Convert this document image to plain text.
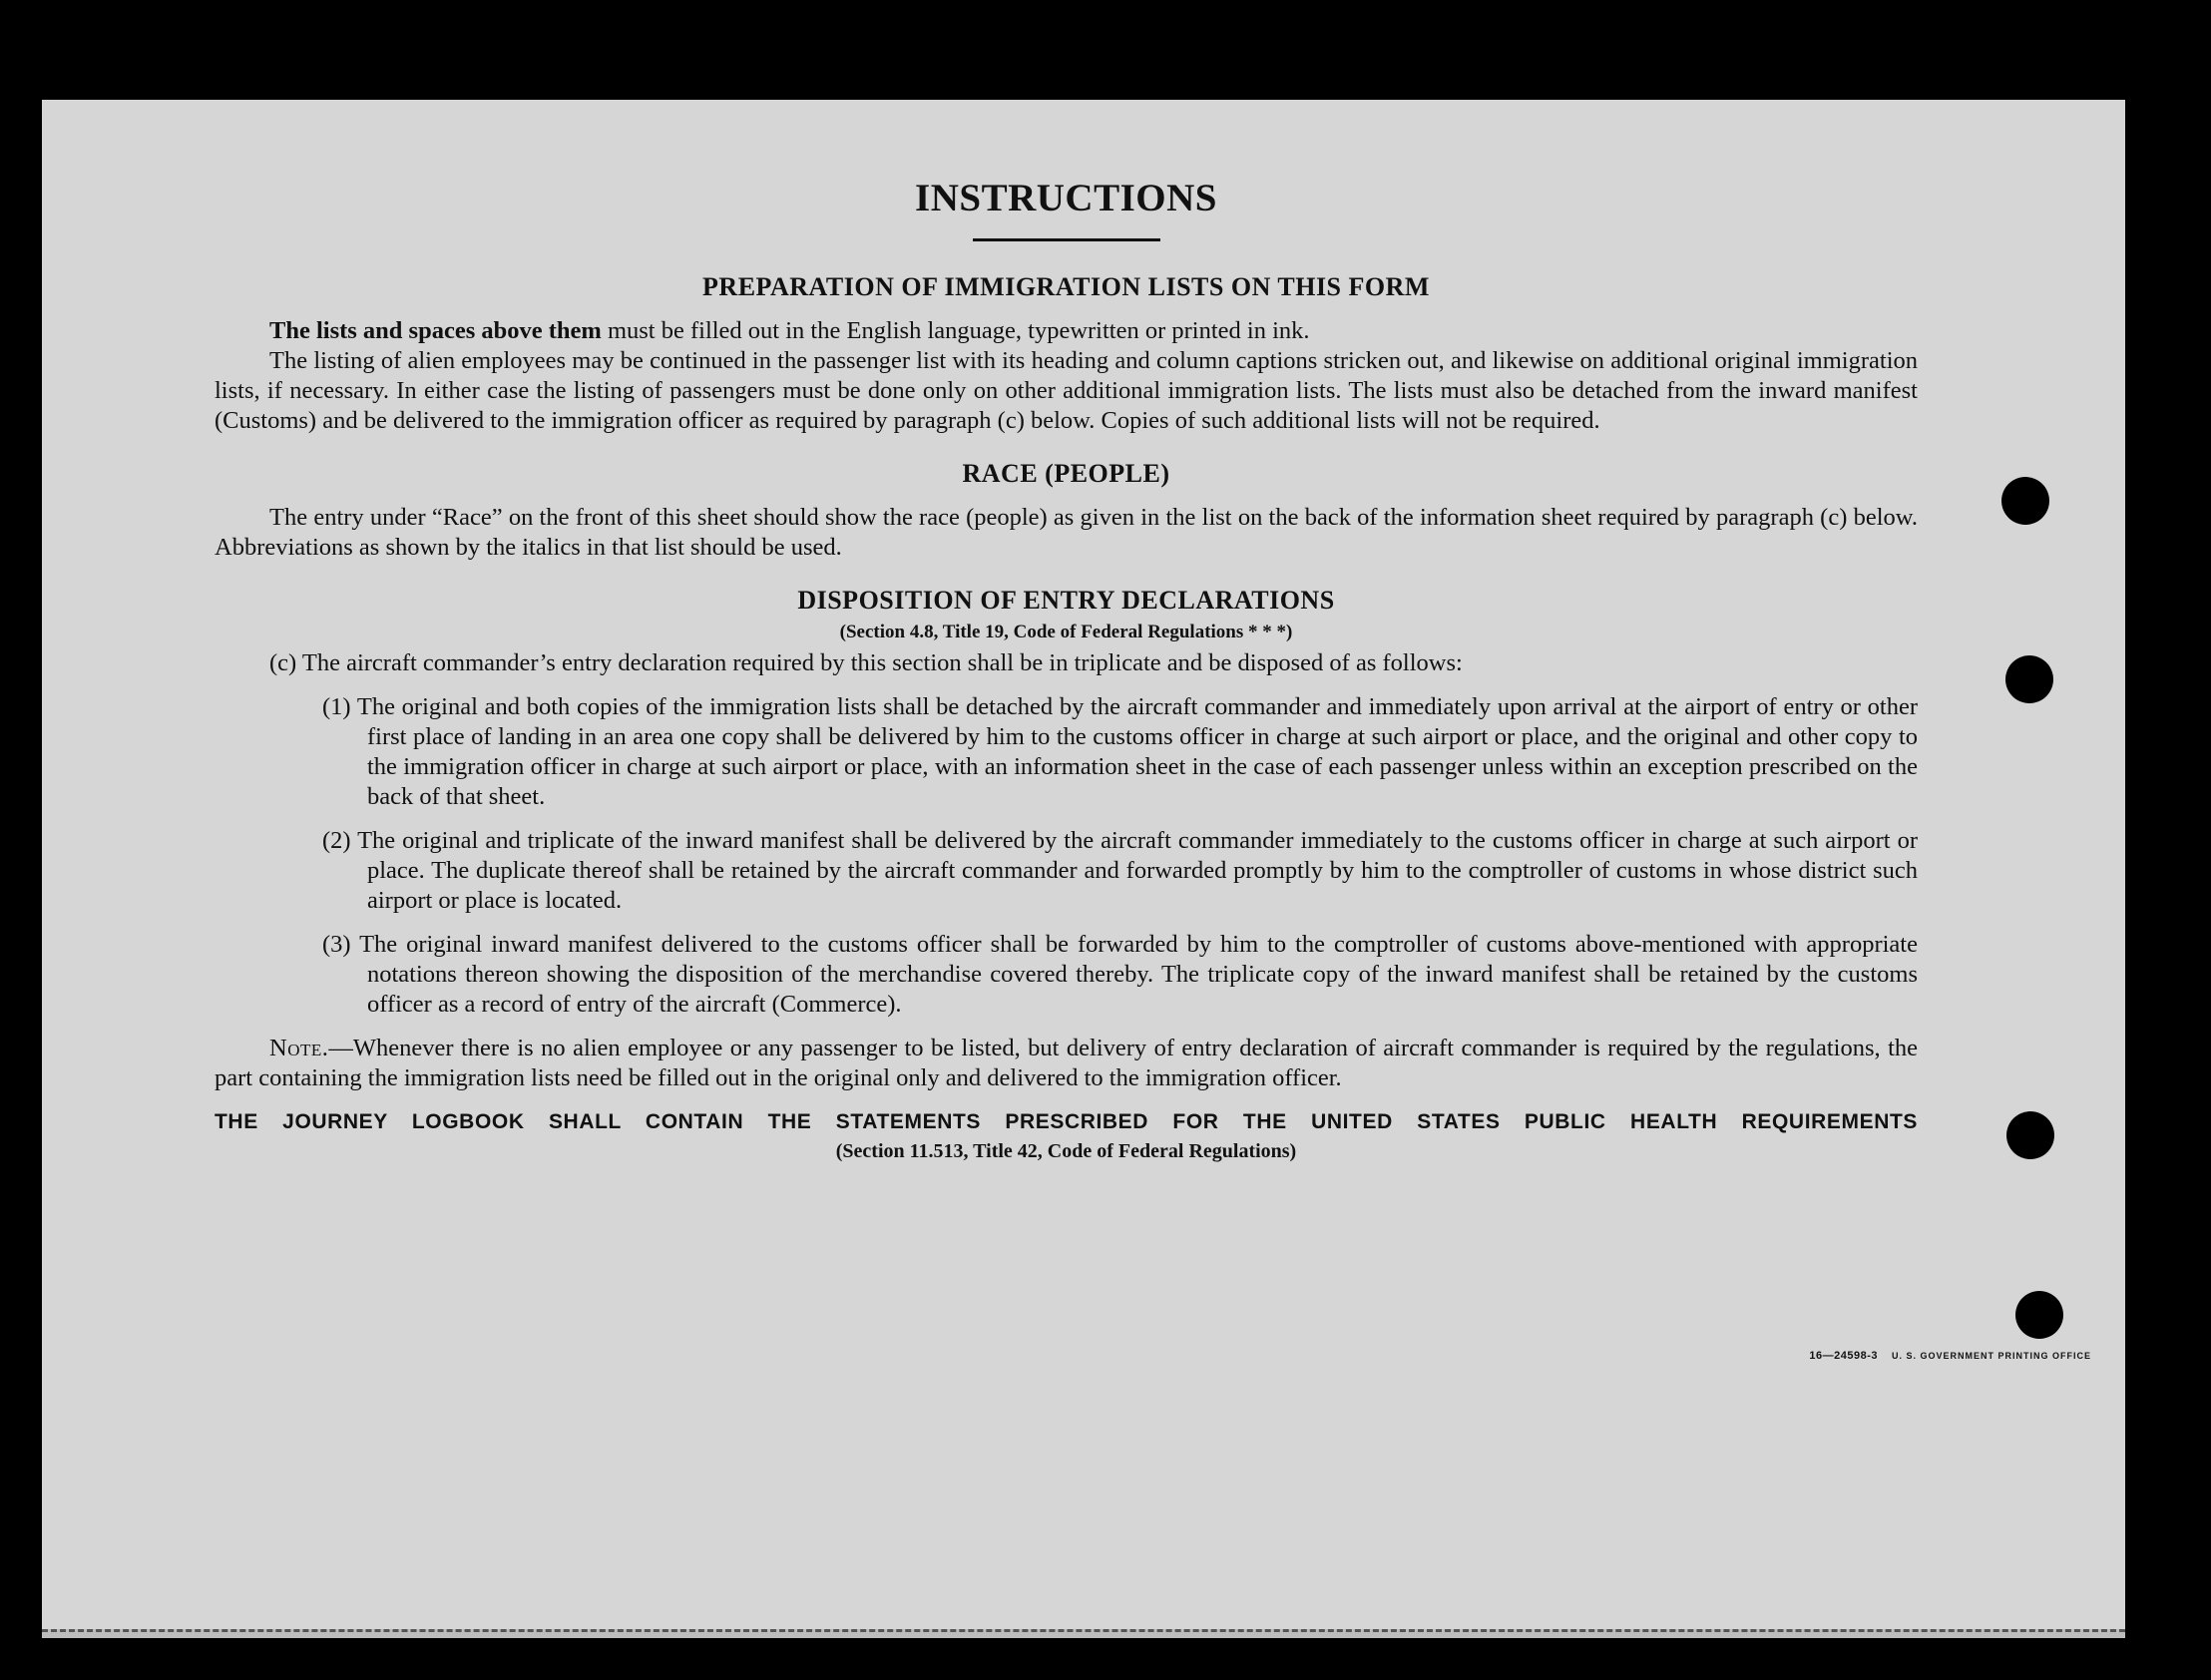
INSTRUCTIONS
PREPARATION OF IMMIGRATION LISTS ON THIS FORM

The lists and spaces above them must be filled out in the English language, typewritten or printed in ink.

The listing of alien employees may be continued in the passenger list with its heading and column captions stricken out, and likewise on additional original immigration lists, if necessary. In either case the listing of passengers must be done only on other additional immigration lists. The lists must also be detached from the inward manifest (Customs) and be delivered to the immigration officer as required by paragraph (c) below. Copies of such additional lists will not be required.

RACE (PEOPLE)

The entry under “Race” on the front of this sheet should show the race (people) as given in the list on the back of the information sheet required by paragraph (c) below. Abbreviations as shown by the italics in that list should be used.

DISPOSITION OF ENTRY DECLARATIONS
(Section 4.8, Title 19, Code of Federal Regulations * * *)

(c) The aircraft commander’s entry declaration required by this section shall be in triplicate and be disposed of as follows:

(1) The original and both copies of the immigration lists shall be detached by the aircraft commander and immediately upon arrival at the airport of entry or other first place of landing in an area one copy shall be delivered by him to the customs officer in charge at such airport or place, and the original and other copy to the immigration officer in charge at such airport or place, with an information sheet in the case of each passenger unless within an exception prescribed on the back of that sheet.

(2) The original and triplicate of the inward manifest shall be delivered by the aircraft commander immediately to the customs officer in charge at such airport or place. The duplicate thereof shall be retained by the aircraft commander and forwarded promptly by him to the comptroller of customs in whose district such airport or place is located.

(3) The original inward manifest delivered to the customs officer shall be forwarded by him to the comptroller of customs above-mentioned with appropriate notations thereon showing the disposition of the merchandise covered thereby. The triplicate copy of the inward manifest shall be retained by the customs officer as a record of entry of the aircraft (Commerce).

Note.—Whenever there is no alien employee or any passenger to be listed, but delivery of entry declaration of aircraft commander is required by the regulations, the part containing the immigration lists need be filled out in the original only and delivered to the immigration officer.

THE JOURNEY LOGBOOK SHALL CONTAIN THE STATEMENTS PRESCRIBED FOR THE UNITED STATES PUBLIC HEALTH REQUIREMENTS

(Section 11.513, Title 42, Code of Federal Regulations)

16—24598-3 U. S. GOVERNMENT PRINTING OFFICE
